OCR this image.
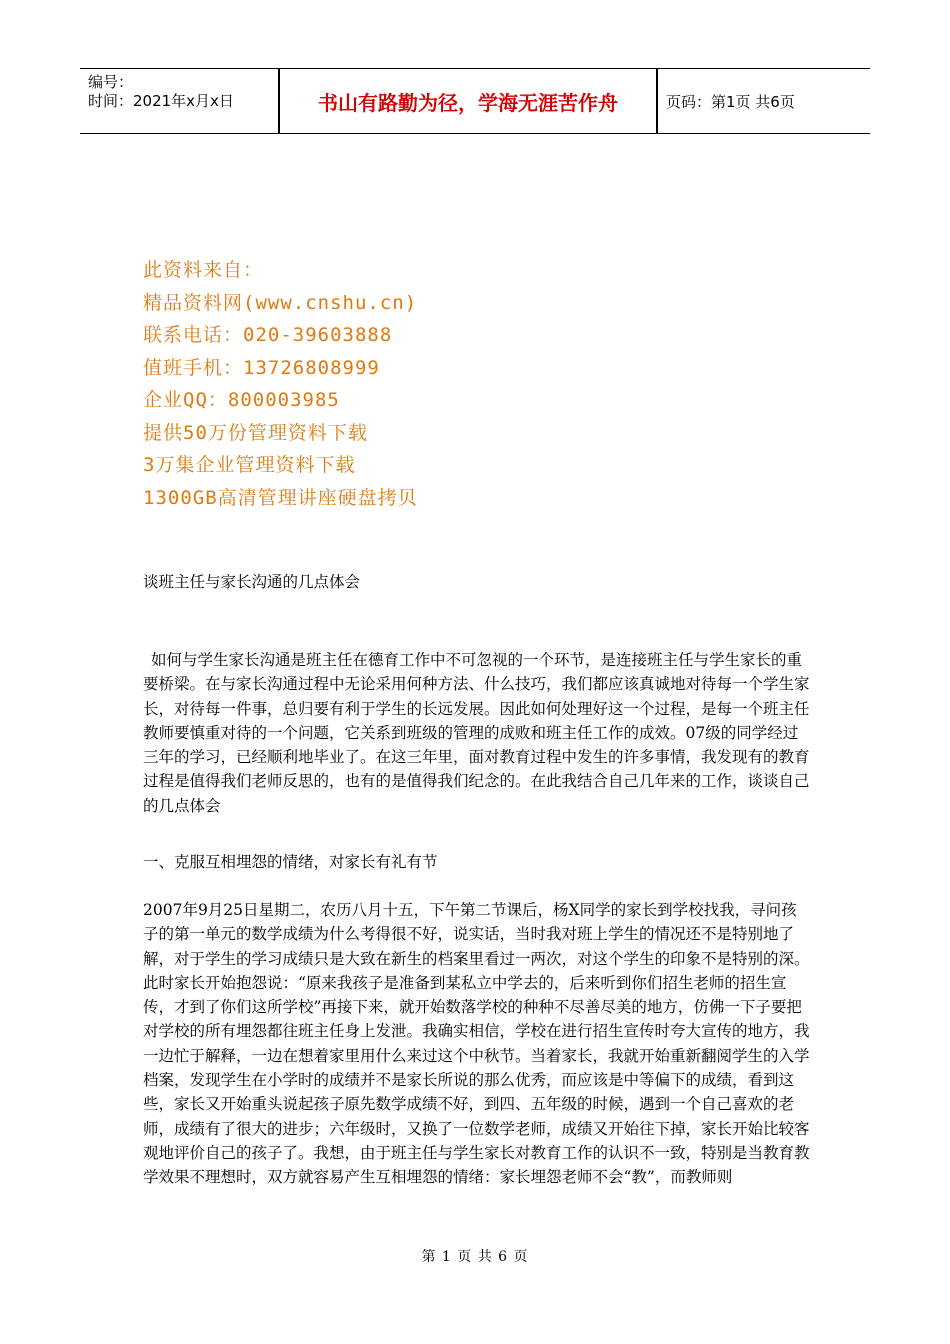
编号：
时间：2021年x月x日	书山有路勤为径，学海无涯苦作舟	页码：第1页 共6页
此资料来自：
精品资料网(www.cnshu.cn)
联系电话：020-39603888
值班手机：13726808999
企业QQ：800003985
提供50万份管理资料下载
3万集企业管理资料下载
1300GB高清管理讲座硬盘拷贝
谈班主任与家长沟通的几点体会
如何与学生家长沟通是班主任在德育工作中不可忽视的一个环节，是连接班主任与学生家长的重要桥梁。在与家长沟通过程中无论采用何种方法、什么技巧，我们都应该真诚地对待每一个学生家长，对待每一件事，总归要有利于学生的长远发展。因此如何处理好这一个过程，是每一个班主任教师要慎重对待的一个问题，它关系到班级的管理的成败和班主任工作的成效。07级的同学经过三年的学习，已经顺利地毕业了。在这三年里，面对教育过程中发生的许多事情，我发现有的教育过程是值得我们老师反思的，也有的是值得我们纪念的。在此我结合自己几年来的工作，谈谈自己的几点体会
一、克服互相埋怨的情绪，对家长有礼有节
2007年9月25日星期二，农历八月十五，下午第二节课后，杨X同学的家长到学校找我，寻问孩子的第一单元的数学成绩为什么考得很不好，说实话，当时我对班上学生的情况还不是特别地了解，对于学生的学习成绩只是大致在新生的档案里看过一两次，对这个学生的印象不是特别的深。此时家长开始抱怨说：“原来我孩子是准备到某私立中学去的，后来听到你们招生老师的招生宣传，才到了你们这所学校”再接下来，就开始数落学校的种种不尽善尽美的地方，仿佛一下子要把对学校的所有埋怨都往班主任身上发泄。我确实相信，学校在进行招生宣传时夸大宣传的地方，我一边忙于解释，一边在想着家里用什么来过这个中秋节。当着家长，我就开始重新翻阅学生的入学档案，发现学生在小学时的成绩并不是家长所说的那么优秀，而应该是中等偏下的成绩，看到这些，家长又开始重头说起孩子原先数学成绩不好，到四、五年级的时候，遇到一个自己喜欢的老师，成绩有了很大的进步；六年级时，又换了一位数学老师，成绩又开始往下掉，家长开始比较客观地评价自己的孩子了。我想，由于班主任与学生家长对教育工作的认识不一致，特别是当教育教学效果不理想时，双方就容易产生互相埋怨的情绪：家长埋怨老师不会“教”，而教师则
第 1 页 共 6 页
